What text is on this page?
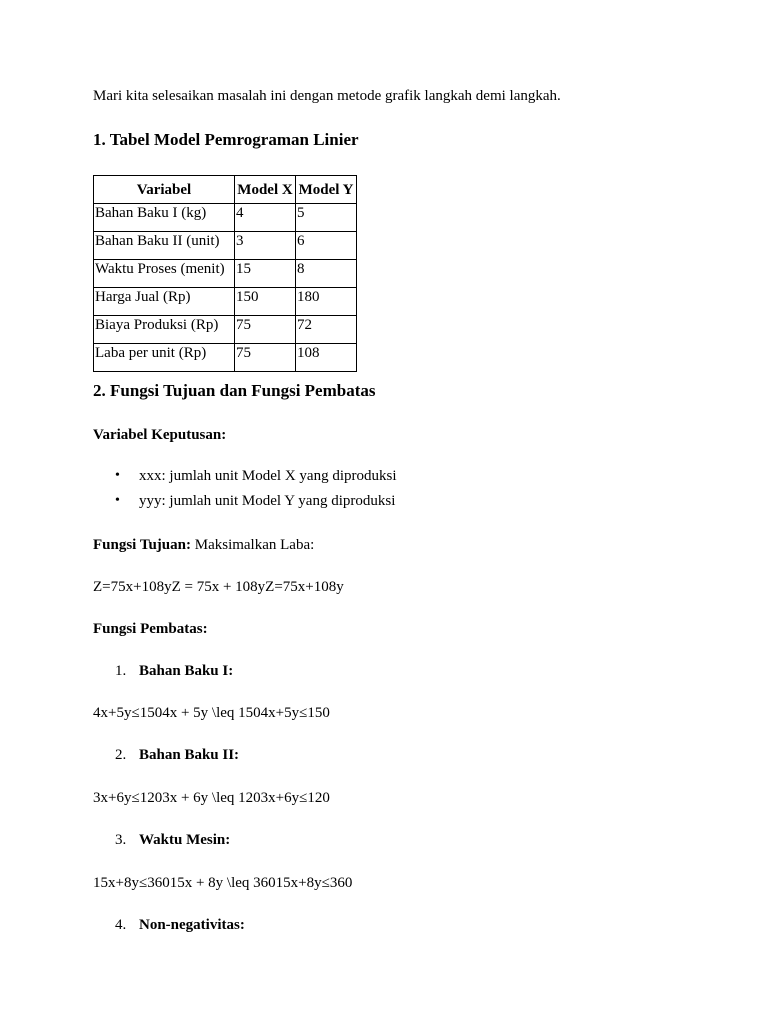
Mari kita selesaikan masalah ini dengan metode grafik langkah demi langkah.
1. Tabel Model Pemrograman Linier
Variabel	Model X	Model Y
Bahan Baku I (kg)	4	5
Bahan Baku II (unit)	3	6
Waktu Proses (menit)	15	8
Harga Jual (Rp)	150	180
Biaya Produksi (Rp)	75	72
Laba per unit (Rp)	75	108
2. Fungsi Tujuan dan Fungsi Pembatas
Variabel Keputusan:
• xxx: jumlah unit Model X yang diproduksi
• yyy: jumlah unit Model Y yang diproduksi
Fungsi Tujuan: Maksimalkan Laba:
Z=75x+108yZ = 75x + 108yZ=75x+108y
Fungsi Pembatas:
1. Bahan Baku I:
4x+5y≤1504x + 5y \leq 1504x+5y≤150
2. Bahan Baku II:
3x+6y≤1203x + 6y \leq 1203x+6y≤120
3. Waktu Mesin:
15x+8y≤36015x + 8y \leq 36015x+8y≤360
4. Non-negativitas:
